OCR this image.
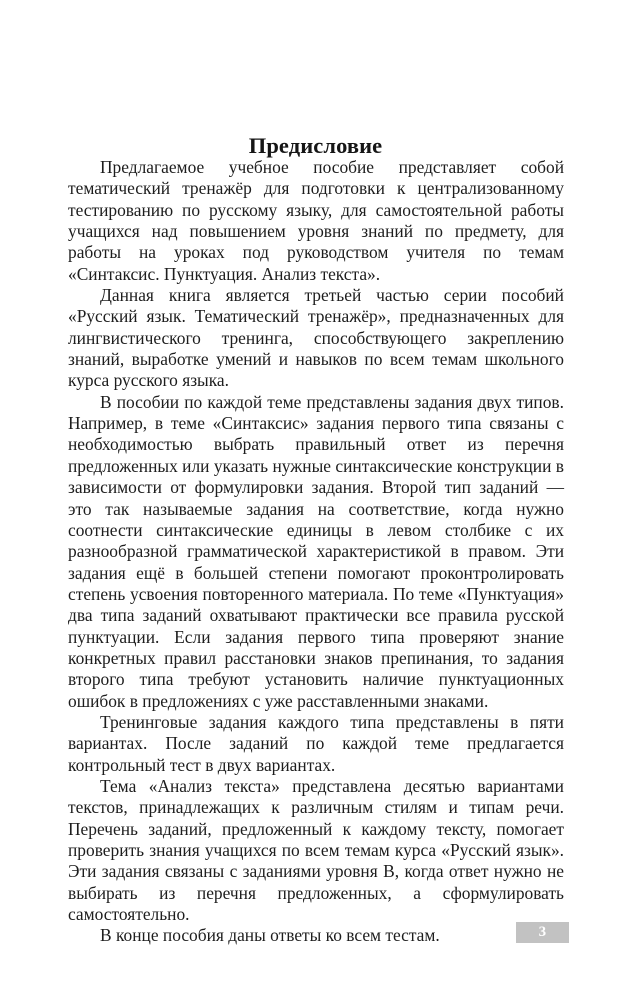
Предисловие

Предлагаемое учебное пособие представляет собой тематический тренажёр для подготовки к централизованному тестированию по русскому языку, для самостоятельной работы учащихся над повышением уровня знаний по предмету, для работы на уроках под руководством учителя по темам «Синтаксис. Пунктуация. Анализ текста».

Данная книга является третьей частью серии пособий «Русский язык. Тематический тренажёр», предназначенных для лингвистического тренинга, способствующего закреплению знаний, выработке умений и навыков по всем темам школьного курса русского языка.

В пособии по каждой теме представлены задания двух типов. Например, в теме «Синтаксис» задания первого типа связаны с необходимостью выбрать правильный ответ из перечня предложенных или указать нужные синтаксические конструкции в зависимости от формулировки задания. Второй тип заданий — это так называемые задания на соответствие, когда нужно соотнести синтаксические единицы в левом столбике с их разнообразной грамматической характеристикой в правом. Эти задания ещё в большей степени помогают проконтролировать степень усвоения повторенного материала. По теме «Пунктуация» два типа заданий охватывают практически все правила русской пунктуации. Если задания первого типа проверяют знание конкретных правил расстановки знаков препинания, то задания второго типа требуют установить наличие пунктуационных ошибок в предложениях с уже расставленными знаками.

Тренинговые задания каждого типа представлены в пяти вариантах. После заданий по каждой теме предлагается контрольный тест в двух вариантах.

Тема «Анализ текста» представлена десятью вариантами текстов, принадлежащих к различным стилям и типам речи. Перечень заданий, предложенный к каждому тексту, помогает проверить знания учащихся по всем темам курса «Русский язык». Эти задания связаны с заданиями уровня В, когда ответ нужно не выбирать из перечня предложенных, а сформулировать самостоятельно.

В конце пособия даны ответы ко всем тестам.	3
